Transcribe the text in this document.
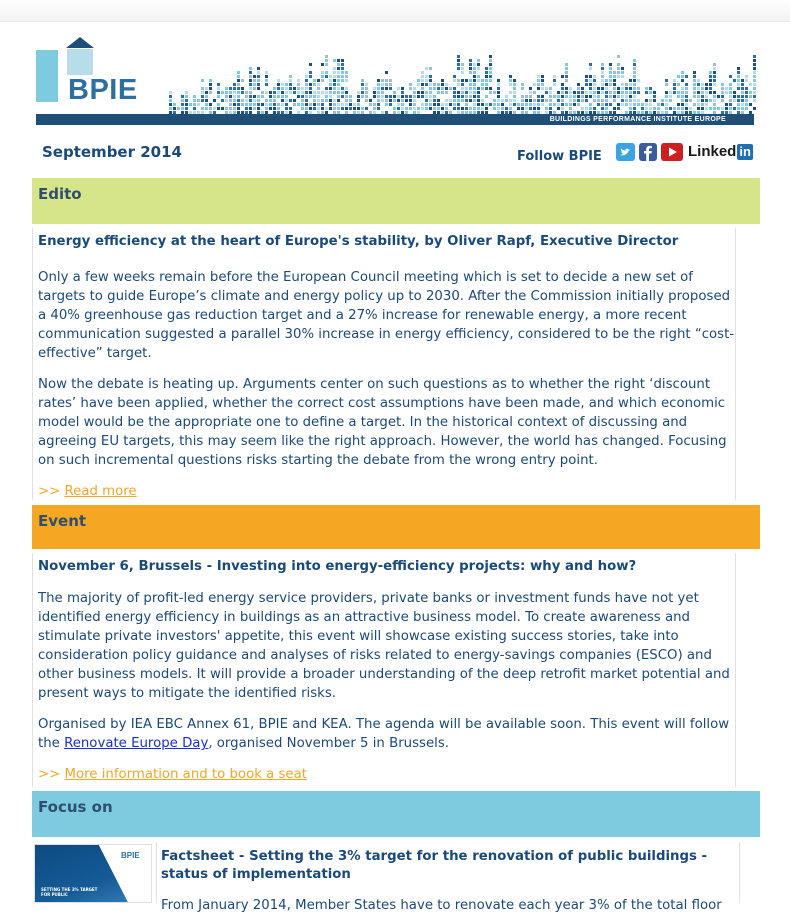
BPIE
BUILDINGS PERFORMANCE INSTITUTE EUROPE
September 2014	Follow BPIE	Linked in
Edito
Energy efficiency at the heart of Europe's stability, by Oliver Rapf, Executive Director
Only a few weeks remain before the European Council meeting which is set to decide a new set of targets to guide Europe’s climate and energy policy up to 2030. After the Commission initially proposed a 40% greenhouse gas reduction target and a 27% increase for renewable energy, a more recent communication suggested a parallel 30% increase in energy efficiency, considered to be the right “cost-effective” target.
Now the debate is heating up. Arguments center on such questions as to whether the right ‘discount rates’ have been applied, whether the correct cost assumptions have been made, and which economic model would be the appropriate one to define a target. In the historical context of discussing and agreeing EU targets, this may seem like the right approach. However, the world has changed. Focusing on such incremental questions risks starting the debate from the wrong entry point.
>> Read more
Event
November 6, Brussels - Investing into energy-efficiency projects: why and how?
The majority of profit-led energy service providers, private banks or investment funds have not yet identified energy efficiency in buildings as an attractive business model. To create awareness and stimulate private investors' appetite, this event will showcase existing success stories, take into consideration policy guidance and analyses of risks related to energy-savings companies (ESCO) and other business models. It will provide a broader understanding of the deep retrofit market potential and present ways to mitigate the identified risks.
Organised by IEA EBC Annex 61, BPIE and KEA. The agenda will be available soon. This event will follow the Renovate Europe Day, organised November 5 in Brussels.
>> More information and to book a seat
Focus on
BPIE
SETTING THE 3% TARGET FOR PUBLIC
Factsheet - Setting the 3% target for the renovation of public buildings - status of implementation
From January 2014, Member States have to renovate each year 3% of the total floor
